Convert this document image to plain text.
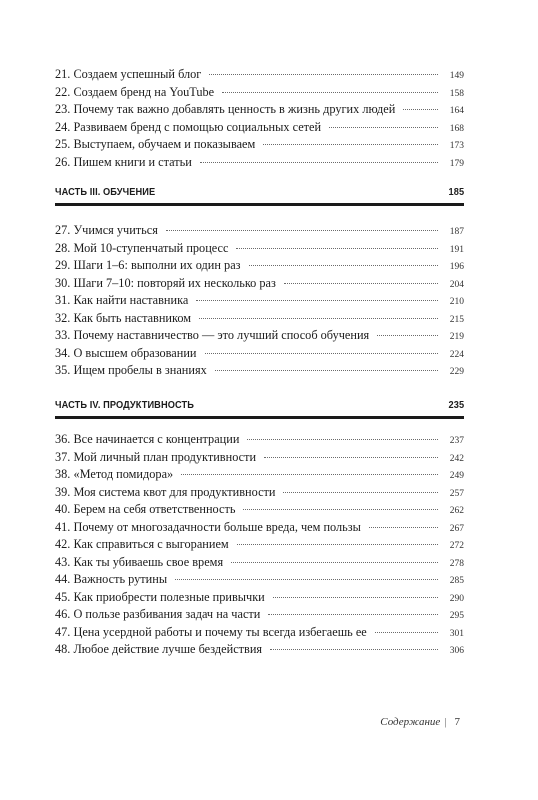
21. Создаем успешный блог	149
22. Создаем бренд на YouTube	158
23. Почему так важно добавлять ценность в жизнь других людей	164
24. Развиваем бренд с помощью социальных сетей	168
25. Выступаем, обучаем и показываем	173
26. Пишем книги и статьи	179
ЧАСТЬ III. ОБУЧЕНИЕ	185
27. Учимся учиться	187
28. Мой 10-ступенчатый процесс	191
29. Шаги 1–6: выполни их один раз	196
30. Шаги 7–10: повторяй их несколько раз	204
31. Как найти наставника	210
32. Как быть наставником	215
33. Почему наставничество — это лучший способ обучения	219
34. О высшем образовании	224
35. Ищем пробелы в знаниях	229
ЧАСТЬ IV. ПРОДУКТИВНОСТЬ	235
36. Все начинается с концентрации	237
37. Мой личный план продуктивности	242
38. «Метод помидора»	249
39. Моя система квот для продуктивности	257
40. Берем на себя ответственность	262
41. Почему от многозадачности больше вреда, чем пользы	267
42. Как справиться с выгоранием	272
43. Как ты убиваешь свое время	278
44. Важность рутины	285
45. Как приобрести полезные привычки	290
46. О пользе разбивания задач на части	295
47. Цена усердной работы и почему ты всегда избегаешь ее	301
48. Любое действие лучше бездействия	306
Содержание | 7
